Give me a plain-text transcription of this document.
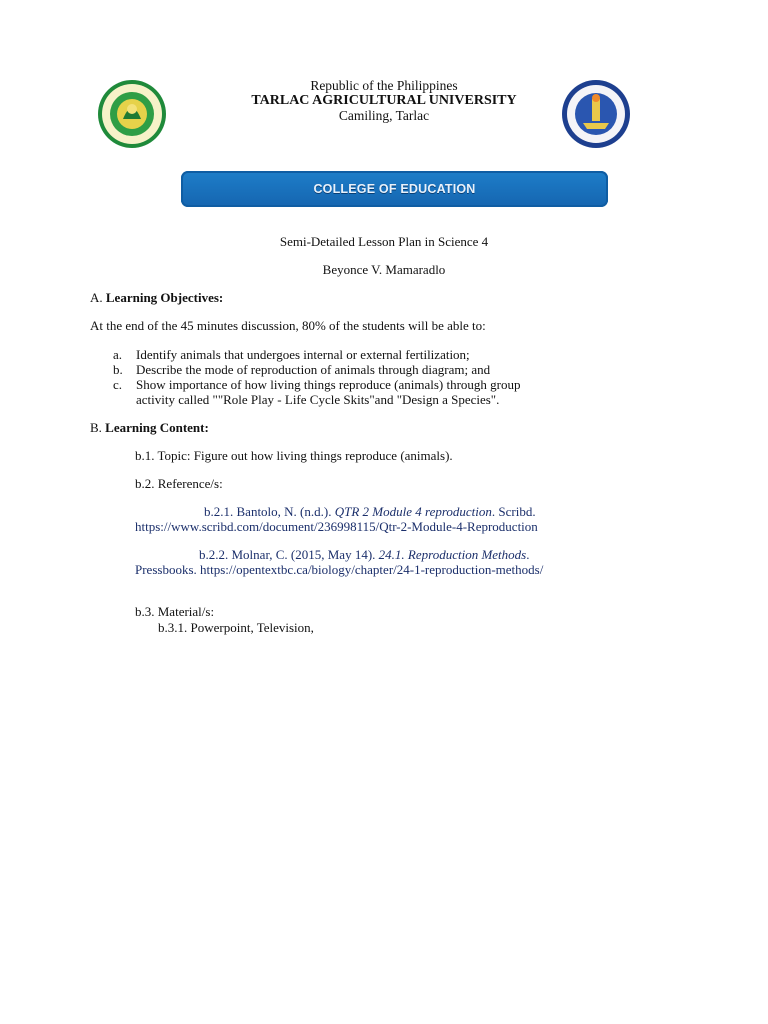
Republic of the Philippines
TARLAC AGRICULTURAL UNIVERSITY
Camiling, Tarlac
COLLEGE OF EDUCATION
Semi-Detailed Lesson Plan in Science 4
Beyonce V. Mamaradlo
A. Learning Objectives:
At the end of the 45 minutes discussion, 80% of the students will be able to:
a. Identify animals that undergoes internal or external fertilization;
b. Describe the mode of reproduction of animals through diagram; and
c. Show importance of how living things reproduce (animals) through group
activity called ""Role Play - Life Cycle Skits"and "Design a Species".
B. Learning Content:
b.1. Topic: Figure out how living things reproduce (animals).
b.2. Reference/s:
b.2.1. Bantolo, N. (n.d.). QTR 2 Module 4 reproduction. Scribd.
https://www.scribd.com/document/236998115/Qtr-2-Module-4-Reproduction
b.2.2. Molnar, C. (2015, May 14). 24.1. Reproduction Methods.
Pressbooks. https://opentextbc.ca/biology/chapter/24-1-reproduction-methods/
b.3. Material/s:
b.3.1. Powerpoint, Television,
